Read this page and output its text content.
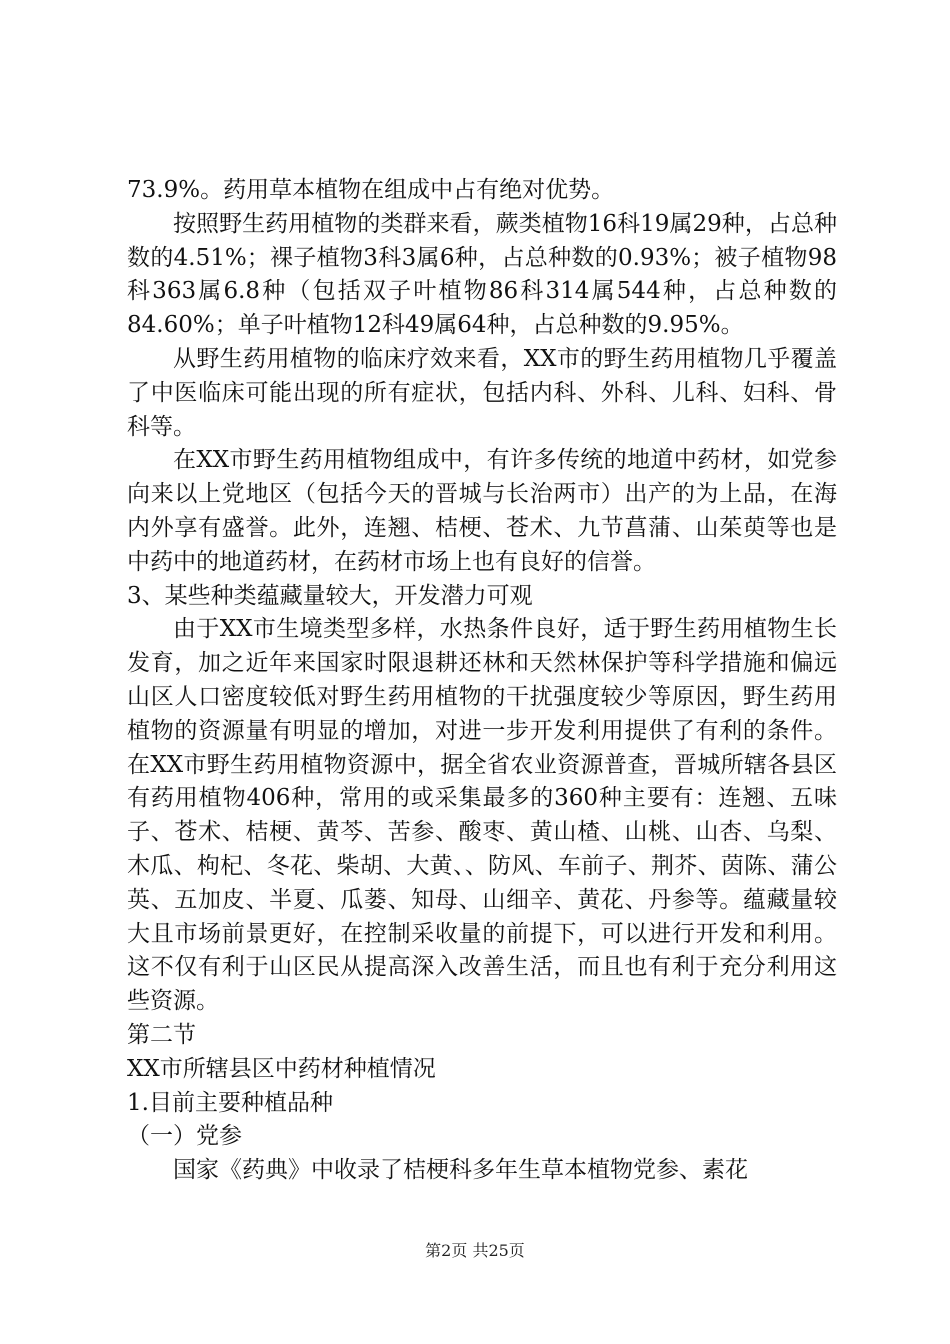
73.9%。药用草本植物在组成中占有绝对优势。

按照野生药用植物的类群来看，蕨类植物16科19属29种，占总种数的4.51%；裸子植物3科3属6种，占总种数的0.93%；被子植物98科363属6.8种（包括双子叶植物86科314属544种，占总种数的84.60%；单子叶植物12科49属64种，占总种数的9.95%。

从野生药用植物的临床疗效来看，XX市的野生药用植物几乎覆盖了中医临床可能出现的所有症状，包括内科、外科、儿科、妇科、骨科等。

在XX市野生药用植物组成中，有许多传统的地道中药材，如党参向来以上党地区（包括今天的晋城与长治两市）出产的为上品，在海内外享有盛誉。此外，连翘、桔梗、苍术、九节菖蒲、山茱萸等也是中药中的地道药材，在药材市场上也有良好的信誉。

3、某些种类蕴藏量较大，开发潜力可观

由于XX市生境类型多样，水热条件良好，适于野生药用植物生长发育，加之近年来国家时限退耕还林和天然林保护等科学措施和偏远山区人口密度较低对野生药用植物的干扰强度较少等原因，野生药用植物的资源量有明显的增加，对进一步开发利用提供了有利的条件。在XX市野生药用植物资源中，据全省农业资源普查，晋城所辖各县区有药用植物406种，常用的或采集最多的360种主要有：连翘、五味子、苍术、桔梗、黄芩、苦参、酸枣、黄山楂、山桃、山杏、乌梨、木瓜、枸杞、冬花、柴胡、大黄、、防风、车前子、荆芥、茵陈、蒲公英、五加皮、半夏、瓜蒌、知母、山细辛、黄花、丹参等。蕴藏量较大且市场前景更好，在控制采收量的前提下，可以进行开发和利用。这不仅有利于山区民从提高深入改善生活，而且也有利于充分利用这些资源。

第二节

XX市所辖县区中药材种植情况

1.目前主要种植品种

（一）党参

国家《药典》中收录了桔梗科多年生草本植物党参、素花

第2页 共25页
